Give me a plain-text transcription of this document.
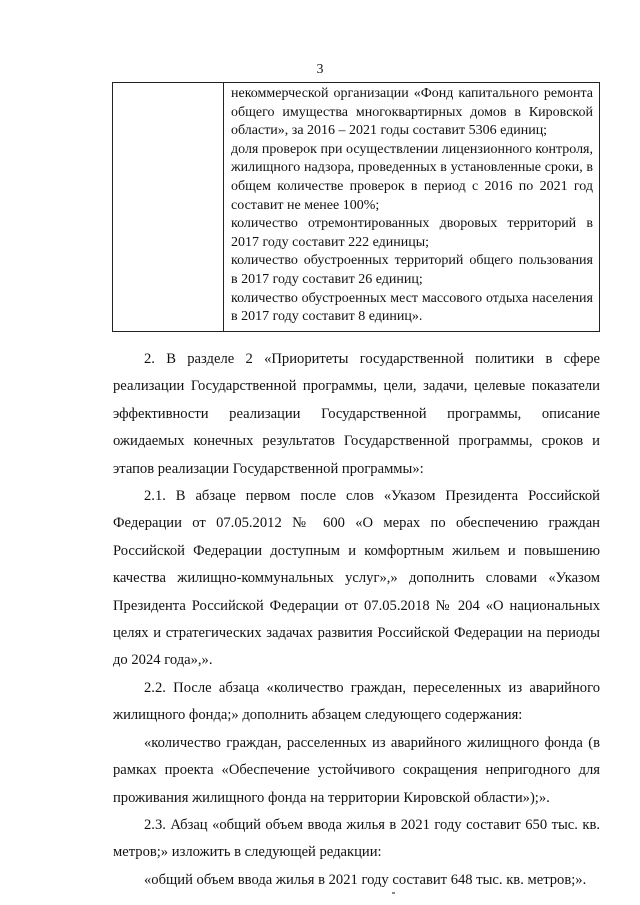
3

некоммерческой организации «Фонд капитального ремонта общего имущества многоквартирных домов в Кировской области», за 2016 – 2021 годы составит 5306 единиц;

доля проверок при осуществлении лицензионного контроля, жилищного надзора, проведенных в установленные сроки, в общем количестве проверок в период с 2016 по 2021 год составит не менее 100%;

количество отремонтированных дворовых территорий в 2017 году составит 222 единицы;

количество обустроенных территорий общего пользования в 2017 году составит 26 единиц;

количество обустроенных мест массового отдыха населения в 2017 году составит 8 единиц».

2. В разделе 2 «Приоритеты государственной политики в сфере реализации Государственной программы, цели, задачи, целевые показатели эффективности реализации Государственной программы, описание ожидаемых конечных результатов Государственной программы, сроков и этапов реализации Государственной программы»:

2.1. В абзаце первом после слов «Указом Президента Российской Федерации от 07.05.2012 № 600 «О мерах по обеспечению граждан Российской Федерации доступным и комфортным жильем и повышению качества жилищно-коммунальных услуг»,» дополнить словами «Указом Президента Российской Федерации от 07.05.2018 № 204 «О национальных целях и стратегических задачах развития Российской Федерации на периоды до 2024 года»,».

2.2. После абзаца «количество граждан, переселенных из аварийного жилищного фонда;» дополнить абзацем следующего содержания:

«количество граждан, расселенных из аварийного жилищного фонда (в рамках проекта «Обеспечение устойчивого сокращения непригодного для проживания жилищного фонда на территории Кировской области»);».

2.3. Абзац «общий объем ввода жилья в 2021 году составит 650 тыс. кв. метров;» изложить в следующей редакции:

«общий объем ввода жилья в 2021 году составит 648 тыс. кв. метров;».
